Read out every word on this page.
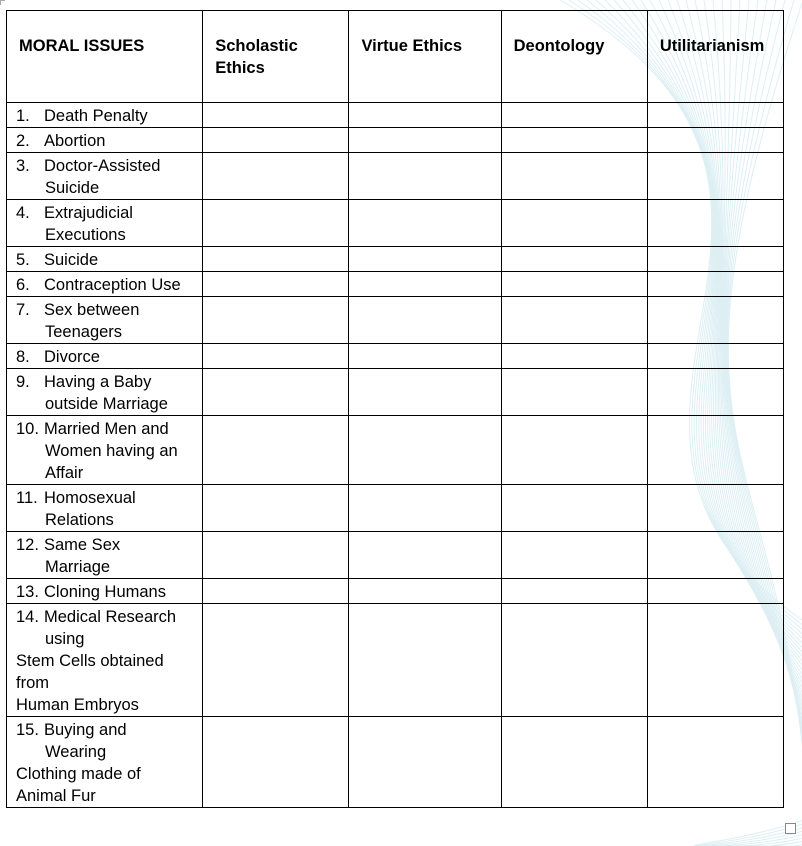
MORAL ISSUES	Scholastic
Ethics	Virtue Ethics	Deontology	Utilitarianism

1. Death Penalty				

2. Abortion				

3. Doctor-Assisted
Suicide				

4. Extrajudicial
Executions				

5. Suicide				

6. Contraception Use				

7. Sex between
Teenagers				

8. Divorce				

9. Having a Baby
outside Marriage				

10. Married Men and
Women having an
Affair				

11. Homosexual
Relations				

12. Same Sex
Marriage				

13. Cloning Humans				

14. Medical Research
using
Stem Cells obtained
from
Human Embryos				

15. Buying and
Wearing
Clothing made of
Animal Fur				
